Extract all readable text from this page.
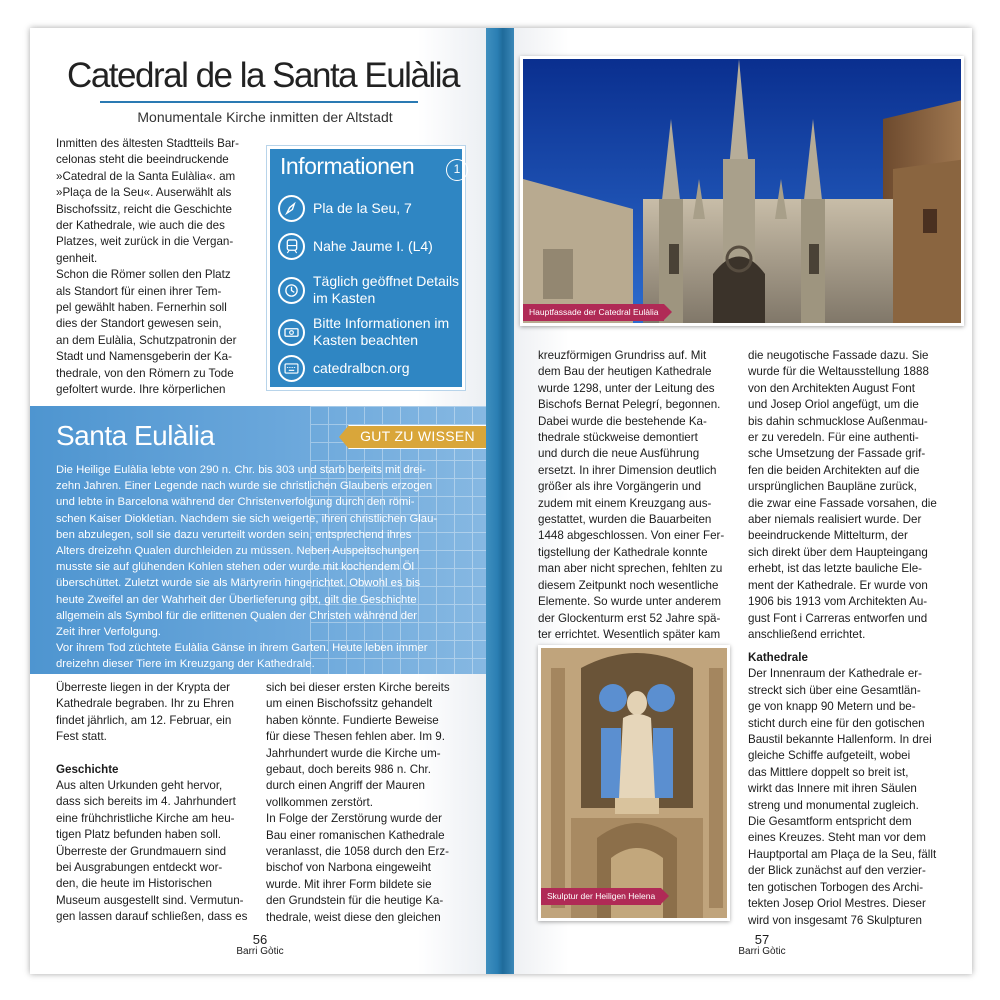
Catedral de la Santa Eulàlia
Monumentale Kirche inmitten der Altstadt
Inmitten des ältesten Stadtteils Bar-
celonas steht die beeindruckende
»Catedral de la Santa Eulàlia«. am
»Plaça de la Seu«. Auserwählt als
Bischofssitz, reicht die Geschichte
der Kathedrale, wie auch die des
Platzes, weit zurück in die Vergan-
genheit.
Schon die Römer sollen den Platz
als Standort für einen ihrer Tem-
pel gewählt haben. Fernerhin soll
dies der Standort gewesen sein,
an dem Eulàlia, Schutzpatronin der
Stadt und Namensgeberin der Ka-
thedrale, von den Römern zu Tode
gefoltert wurde. Ihre körperlichen
Informationen	1
Pla de la Seu, 7
Nahe Jaume I. (L4)
Täglich geöffnet Details im Kasten
Bitte Informationen im Kasten beachten
catedralbcn.org
Santa Eulàlia	GUT ZU WISSEN
Die Heilige Eulàlia lebte von 290 n. Chr. bis 303 und starb bereits mit drei-
zehn Jahren. Einer Legende nach wurde sie christlichen Glaubens erzogen
und lebte in Barcelona während der Christenverfolgung durch den römi-
schen Kaiser Diokletian. Nachdem sie sich weigerte, ihren christlichen Glau-
ben abzulegen, soll sie dazu verurteilt worden sein, entsprechend ihres
Alters dreizehn Qualen durchleiden zu müssen. Neben Auspeitschungen
musste sie auf glühenden Kohlen stehen oder wurde mit kochendem Öl
überschüttet. Zuletzt wurde sie als Märtyrerin hingerichtet. Obwohl es bis
heute Zweifel an der Wahrheit der Überlieferung gibt, gilt die Geschichte
allgemein als Symbol für die erlittenen Qualen der Christen während der
Zeit ihrer Verfolgung.
Vor ihrem Tod züchtete Eulàlia Gänse in ihrem Garten. Heute leben immer
dreizehn dieser Tiere im Kreuzgang der Kathedrale.
Überreste liegen in der Krypta der
Kathedrale begraben. Ihr zu Ehren
findet jährlich, am 12. Februar, ein
Fest statt.
Geschichte
Aus alten Urkunden geht hervor,
dass sich bereits im 4. Jahrhundert
eine frühchristliche Kirche am heu-
tigen Platz befunden haben soll.
Überreste der Grundmauern sind
bei Ausgrabungen entdeckt wor-
den, die heute im Historischen
Museum ausgestellt sind. Vermutun-
gen lassen darauf schließen, dass es
sich bei dieser ersten Kirche bereits
um einen Bischofssitz gehandelt
haben könnte. Fundierte Beweise
für diese Thesen fehlen aber. Im 9.
Jahrhundert wurde die Kirche um-
gebaut, doch bereits 986 n. Chr.
durch einen Angriff der Mauren
vollkommen zerstört.
In Folge der Zerstörung wurde der
Bau einer romanischen Kathedrale
veranlasst, die 1058 durch den Erz-
bischof von Narbona eingeweiht
wurde. Mit ihrer Form bildete sie
den Grundstein für die heutige Ka-
thedrale, weist diese den gleichen
56
Barri Gòtic
Hauptfassade der Catedral Eulàlia
kreuzförmigen Grundriss auf. Mit
dem Bau der heutigen Kathedrale
wurde 1298, unter der Leitung des
Bischofs Bernat Pelegrí, begonnen.
Dabei wurde die bestehende Ka-
thedrale stückweise demontiert
und durch die neue Ausführung
ersetzt. In ihrer Dimension deutlich
größer als ihre Vorgängerin und
zudem mit einem Kreuzgang aus-
gestattet, wurden die Bauarbeiten
1448 abgeschlossen. Von einer Fer-
tigstellung der Kathedrale konnte
man aber nicht sprechen, fehlten zu
diesem Zeitpunkt noch wesentliche
Elemente. So wurde unter anderem
der Glockenturm erst 52 Jahre spä-
ter errichtet. Wesentlich später kam
die neugotische Fassade dazu. Sie
wurde für die Weltausstellung 1888
von den Architekten August Font
und Josep Oriol angefügt, um die
bis dahin schmucklose Außenmau-
er zu veredeln. Für eine authenti-
sche Umsetzung der Fassade grif-
fen die beiden Architekten auf die
ursprünglichen Baupläne zurück,
die zwar eine Fassade vorsahen, die
aber niemals realisiert wurde. Der
beeindruckende Mittelturm, der
sich direkt über dem Haupteingang
erhebt, ist das letzte bauliche Ele-
ment der Kathedrale. Er wurde von
1906 bis 1913 vom Architekten Au-
gust Font i Carreras entworfen und
anschließend errichtet.
Kathedrale
Der Innenraum der Kathedrale er-
streckt sich über eine Gesamtlän-
ge von knapp 90 Metern und be-
sticht durch eine für den gotischen
Baustil bekannte Hallenform. In drei
gleiche Schiffe aufgeteilt, wobei
das Mittlere doppelt so breit ist,
wirkt das Innere mit ihren Säulen
streng und monumental zugleich.
Die Gesamtform entspricht dem
eines Kreuzes. Steht man vor dem
Hauptportal am Plaça de la Seu, fällt
der Blick zunächst auf den verzier-
ten gotischen Torbogen des Archi-
tekten Josep Oriol Mestres. Dieser
wird von insgesamt 76 Skulpturen
Skulptur der Heiligen Helena
57
Barri Gòtic
